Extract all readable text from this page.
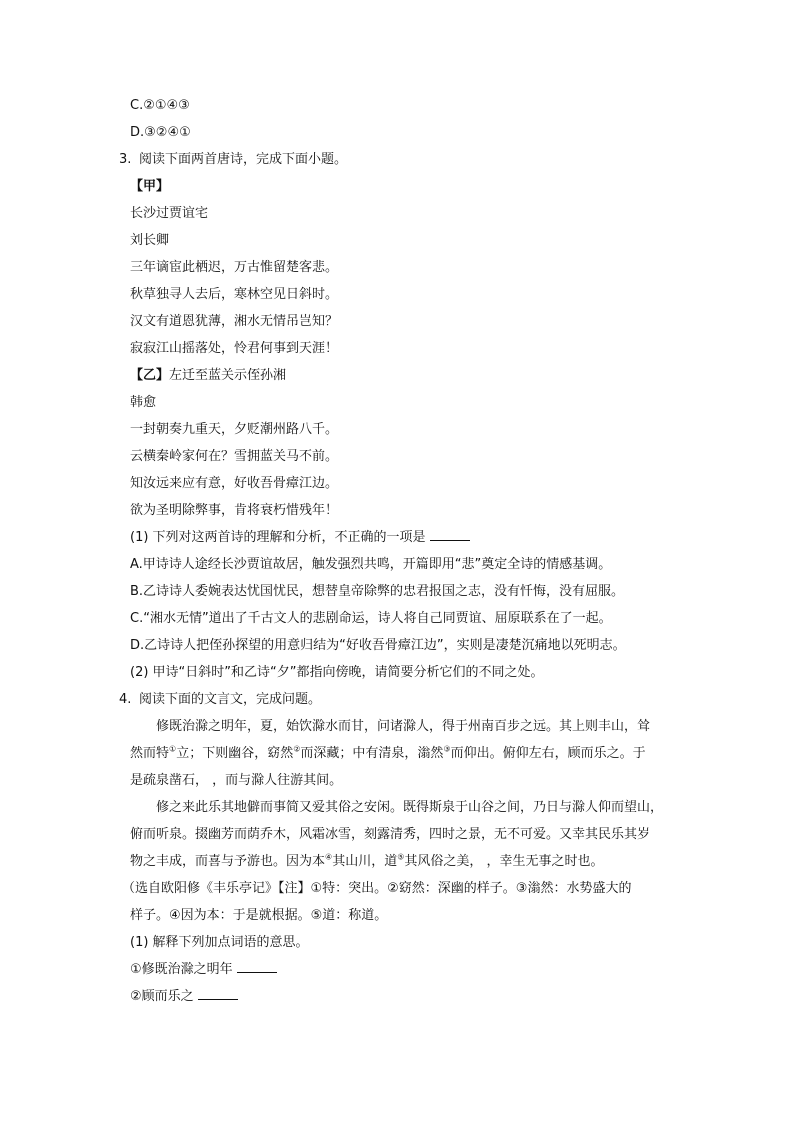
C.②①④③
D.③②④①
3. 阅读下面两首唐诗，完成下面小题。
【甲】
长沙过贾谊宅
刘长卿
三年谪宦此栖迟，万古惟留楚客悲。
秋草独寻人去后，寒林空见日斜时。
汉文有道恩犹薄，湘水无情吊岂知？
寂寂江山摇落处，怜君何事到天涯！
【乙】左迁至蓝关示侄孙湘
韩愈
一封朝奏九重天，夕贬潮州路八千。
云横秦岭家何在？雪拥蓝关马不前。
知汝远来应有意，好收吾骨瘴江边。
欲为圣明除弊事，肯将衰朽惜残年！
(1) 下列对这两首诗的理解和分析，不正确的一项是
A.甲诗诗人途经长沙贾谊故居，触发强烈共鸣，开篇即用“悲”奠定全诗的情感基调。
B.乙诗诗人委婉表达忧国忧民，想替皇帝除弊的忠君报国之志，没有忏悔，没有屈服。
C.“湘水无情”道出了千古文人的悲剧命运，诗人将自己同贾谊、屈原联系在了一起。
D.乙诗诗人把侄孙探望的用意归结为“好收吾骨瘴江边”，实则是凄楚沉痛地以死明志。
(2) 甲诗“日斜时”和乙诗“夕”都指向傍晚，请简要分析它们的不同之处。
4. 阅读下面的文言文，完成问题。
修既治滁之明年，夏，始饮滁水而甘，问诸滁人，得于州南百步之远。其上则丰山，耸
然而特①立；下则幽谷，窈然②而深藏；中有清泉，滃然③而仰出。俯仰左右，顾而乐之。于
是疏泉凿石， ，而与滁人往游其间。
修之来此乐其地僻而事简又爱其俗之安闲。既得斯泉于山谷之间，乃日与滁人仰而望山，
俯而听泉。掇幽芳而荫乔木，风霜冰雪，刻露清秀，四时之景，无不可爱。又幸其民乐其岁
物之丰成，而喜与予游也。因为本④其山川，道⑤其风俗之美， ，幸生无事之时也。
（选自欧阳修《丰乐亭记》【注】①特：突出。②窈然：深幽的样子。③滃然：水势盛大的
样子。④因为本：于是就根据。⑤道：称道。
(1) 解释下列加点词语的意思。
①修既治滁之明年
②顾而乐之
